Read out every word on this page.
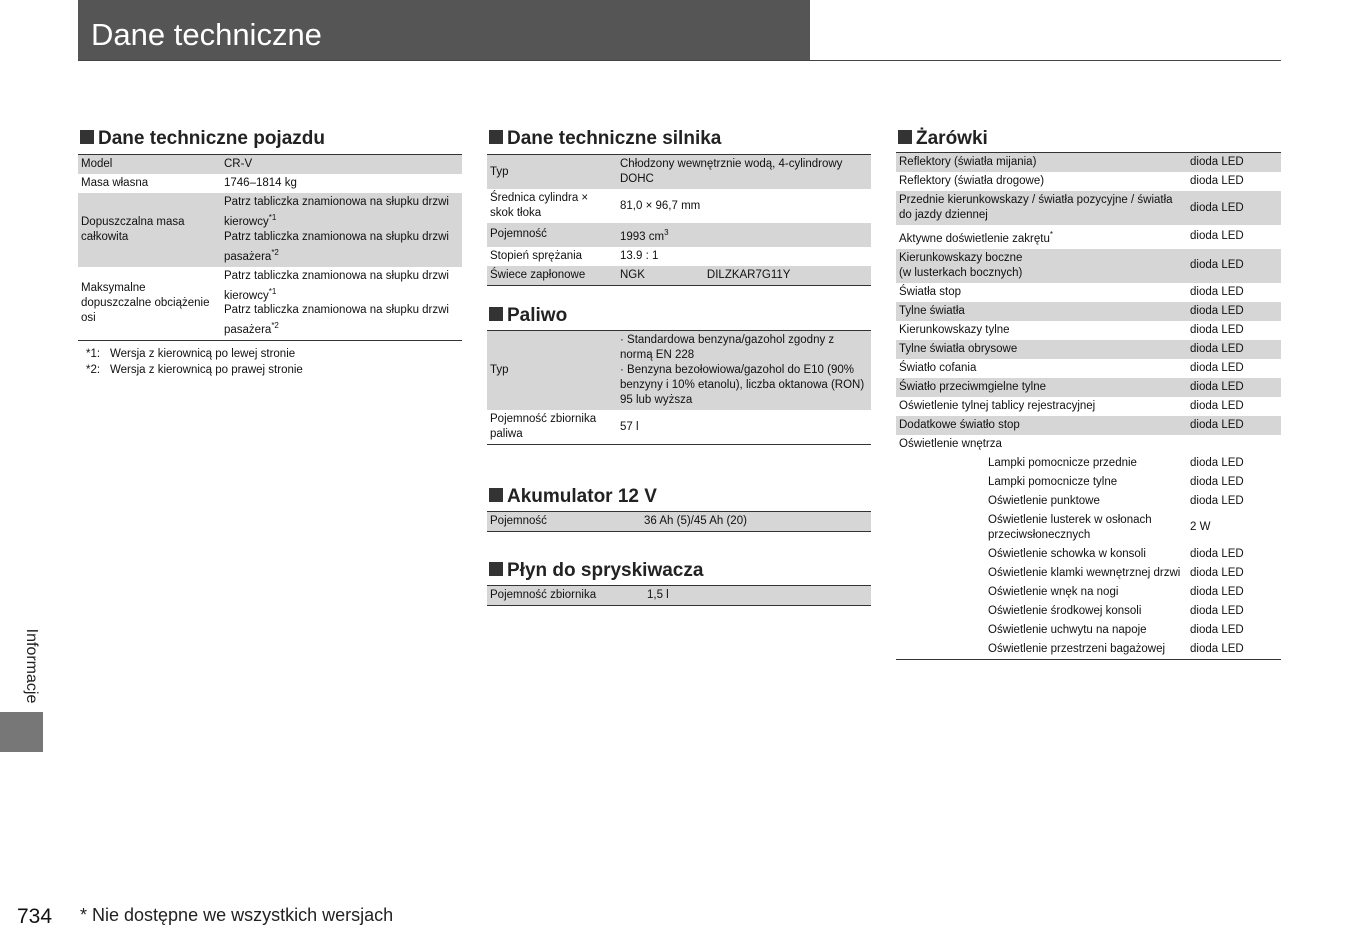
Dane techniczne
Dane techniczne pojazdu
Model	CR-V
Masa własna	1746–1814 kg
Dopuszczalna masa całkowita	Patrz tabliczka znamionowa na słupku drzwi kierowcy$^{*1}$
Patrz tabliczka znamionowa na słupku drzwi pasażera$^{*2}$

Maksymalne dopuszczalne obciążenie osi	Patrz tabliczka znamionowa na słupku drzwi kierowcy$^{*1}$
Patrz tabliczka znamionowa na słupku drzwi pasażera$^{*2}$
*1: Wersja z kierownicą po lewej stronie
*2: Wersja z kierownicą po prawej stronie
Dane techniczne silnika
Typ	Chłodzony wewnętrznie wodą, 4-cylindrowy DOHC
Średnica cylindra × skok tłoka	81,0 × 96,7 mm
Pojemność	1993 $cm^3$
Stopień sprężania	13.9 : 1
Świece zapłonowe	NGK DILZKAR7G11Y
Paliwo
Typ	· Standardowa benzyna/gazohol zgodny z normą EN 228
· Benzyna bezołowiowa/gazohol do E10 (90% benzyny i 10% etanolu), liczba oktanowa (RON) 95 lub wyższa

Pojemność zbiornika paliwa	57 l
Akumulator 12 V
Pojemność	36 Ah (5)/45 Ah (20)
Płyn do spryskiwacza
Pojemność zbiornika	1,5 l
Żarówki
Reflektory (światła mijania)	dioda LED
Reflektory (światła drogowe)	dioda LED
Przednie kierunkowskazy / światła pozycyjne / światła do jazdy dziennej	dioda LED
Aktywne doświetlenie zakrętu*	dioda LED
Kierunkowskazy boczne (w lusterkach bocznych)	dioda LED
Światła stop	dioda LED
Tylne światła	dioda LED
Kierunkowskazy tylne	dioda LED
Tylne światła obrysowe	dioda LED
Światło cofania	dioda LED
Światło przeciwmgielne tylne	dioda LED
Oświetlenie tylnej tablicy rejestracyjnej	dioda LED
Dodatkowe światło stop	dioda LED
Oświetlenie wnętrza	
Lampki pomocnicze przednie	dioda LED
Lampki pomocnicze tylne	dioda LED
Oświetlenie punktowe	dioda LED
Oświetlenie lusterek w osłonach przeciwsłonecznych	2 W
Oświetlenie schowka w konsoli	dioda LED
Oświetlenie klamki wewnętrznej drzwi	dioda LED
Oświetlenie wnęk na nogi	dioda LED
Oświetlenie środkowej konsoli	dioda LED
Oświetlenie uchwytu na napoje	dioda LED
Oświetlenie przestrzeni bagażowej	dioda LED
Informacje
734 * Nie dostępne we wszystkich wersjach
